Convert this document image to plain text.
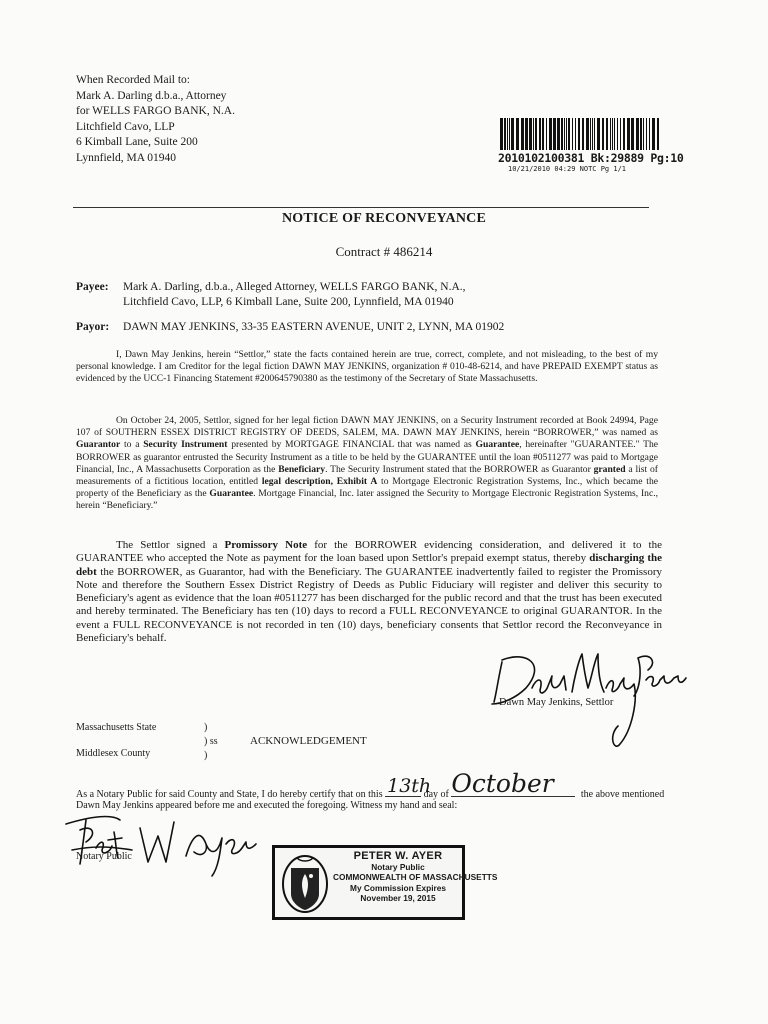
When Recorded Mail to:
Mark A. Darling d.b.a., Attorney
for WELLS FARGO BANK, N.A.
Litchfield Cavo, LLP
6 Kimball Lane, Suite 200
Lynnfield, MA 01940	2010102100381 Bk:29889 Pg:10
10/21/2010 04:29 NOTC Pg 1/1
NOTICE OF RECONVEYANCE
Contract # 486214
Payee: Mark A. Darling, d.b.a., Alleged Attorney, WELLS FARGO BANK, N.A.,
Litchfield Cavo, LLP, 6 Kimball Lane, Suite 200, Lynnfield, MA 01940
Payor: DAWN MAY JENKINS, 33-35 EASTERN AVENUE, UNIT 2, LYNN, MA 01902
I, Dawn May Jenkins, herein “Settlor,” state the facts contained herein are true, correct, complete, and not misleading, to the best of my personal knowledge. I am Creditor for the legal fiction DAWN MAY JENKINS, organization # 010-48-6214, and have PREPAID EXEMPT status as evidenced by the UCC-1 Financing Statement #200645790380 as the testimony of the Secretary of State Massachusetts.
On October 24, 2005, Settlor, signed for her legal fiction DAWN MAY JENKINS, on a Security Instrument recorded at Book 24994, Page 107 of SOUTHERN ESSEX DISTRICT REGISTRY OF DEEDS, SALEM, MA. DAWN MAY JENKINS, herein “BORROWER,” was named as Guarantor to a Security Instrument presented by MORTGAGE FINANCIAL that was named as Guarantee, hereinafter "GUARANTEE." The BORROWER as guarantor entrusted the Security Instrument as a title to be held by the GUARANTEE until the loan #0511277 was paid to Mortgage Financial, Inc., A Massachusetts Corporation as the Beneficiary. The Security Instrument stated that the BORROWER as Guarantor granted a list of measurements of a fictitious location, entitled legal description, Exhibit A to Mortgage Electronic Registration Systems, Inc., which became the property of the Beneficiary as the Guarantee. Mortgage Financial, Inc. later assigned the Security to Mortgage Electronic Registration Systems, Inc., herein “Beneficiary.”
The Settlor signed a Promissory Note for the BORROWER evidencing consideration, and delivered it to the GUARANTEE who accepted the Note as payment for the loan based upon Settlor's prepaid exempt status, thereby discharging the debt the BORROWER, as Guarantor, had with the Beneficiary. The GUARANTEE inadvertently failed to register the Promissory Note and therefore the Southern Essex District Registry of Deeds as Public Fiduciary will register and deliver this security to Beneficiary's agent as evidence that the loan #0511277 has been discharged for the public record and that the trust has been executed and hereby terminated. The Beneficiary has ten (10) days to record a FULL RECONVEYANCE to original GUARANTOR. In the event a FULL RECONVEYANCE is not recorded in ten (10) days, beneficiary consents that Settlor record the Reconveyance in Beneficiary's behalf.
Dawn May Jenkins, Settlor
Massachusetts State
Middlesex County
)
) ss
)
ACKNOWLEDGEMENT
As a Notary Public for said County and State, I do hereby certify that on this 13th
day of October	the above mentioned
Dawn May Jenkins appeared before me and executed the foregoing. Witness my hand and seal:
Notary Public	PETER W. AYER
Notary Public
COMMONWEALTH OF MASSACHUSETTS
My Commission Expires
November 19, 2015
